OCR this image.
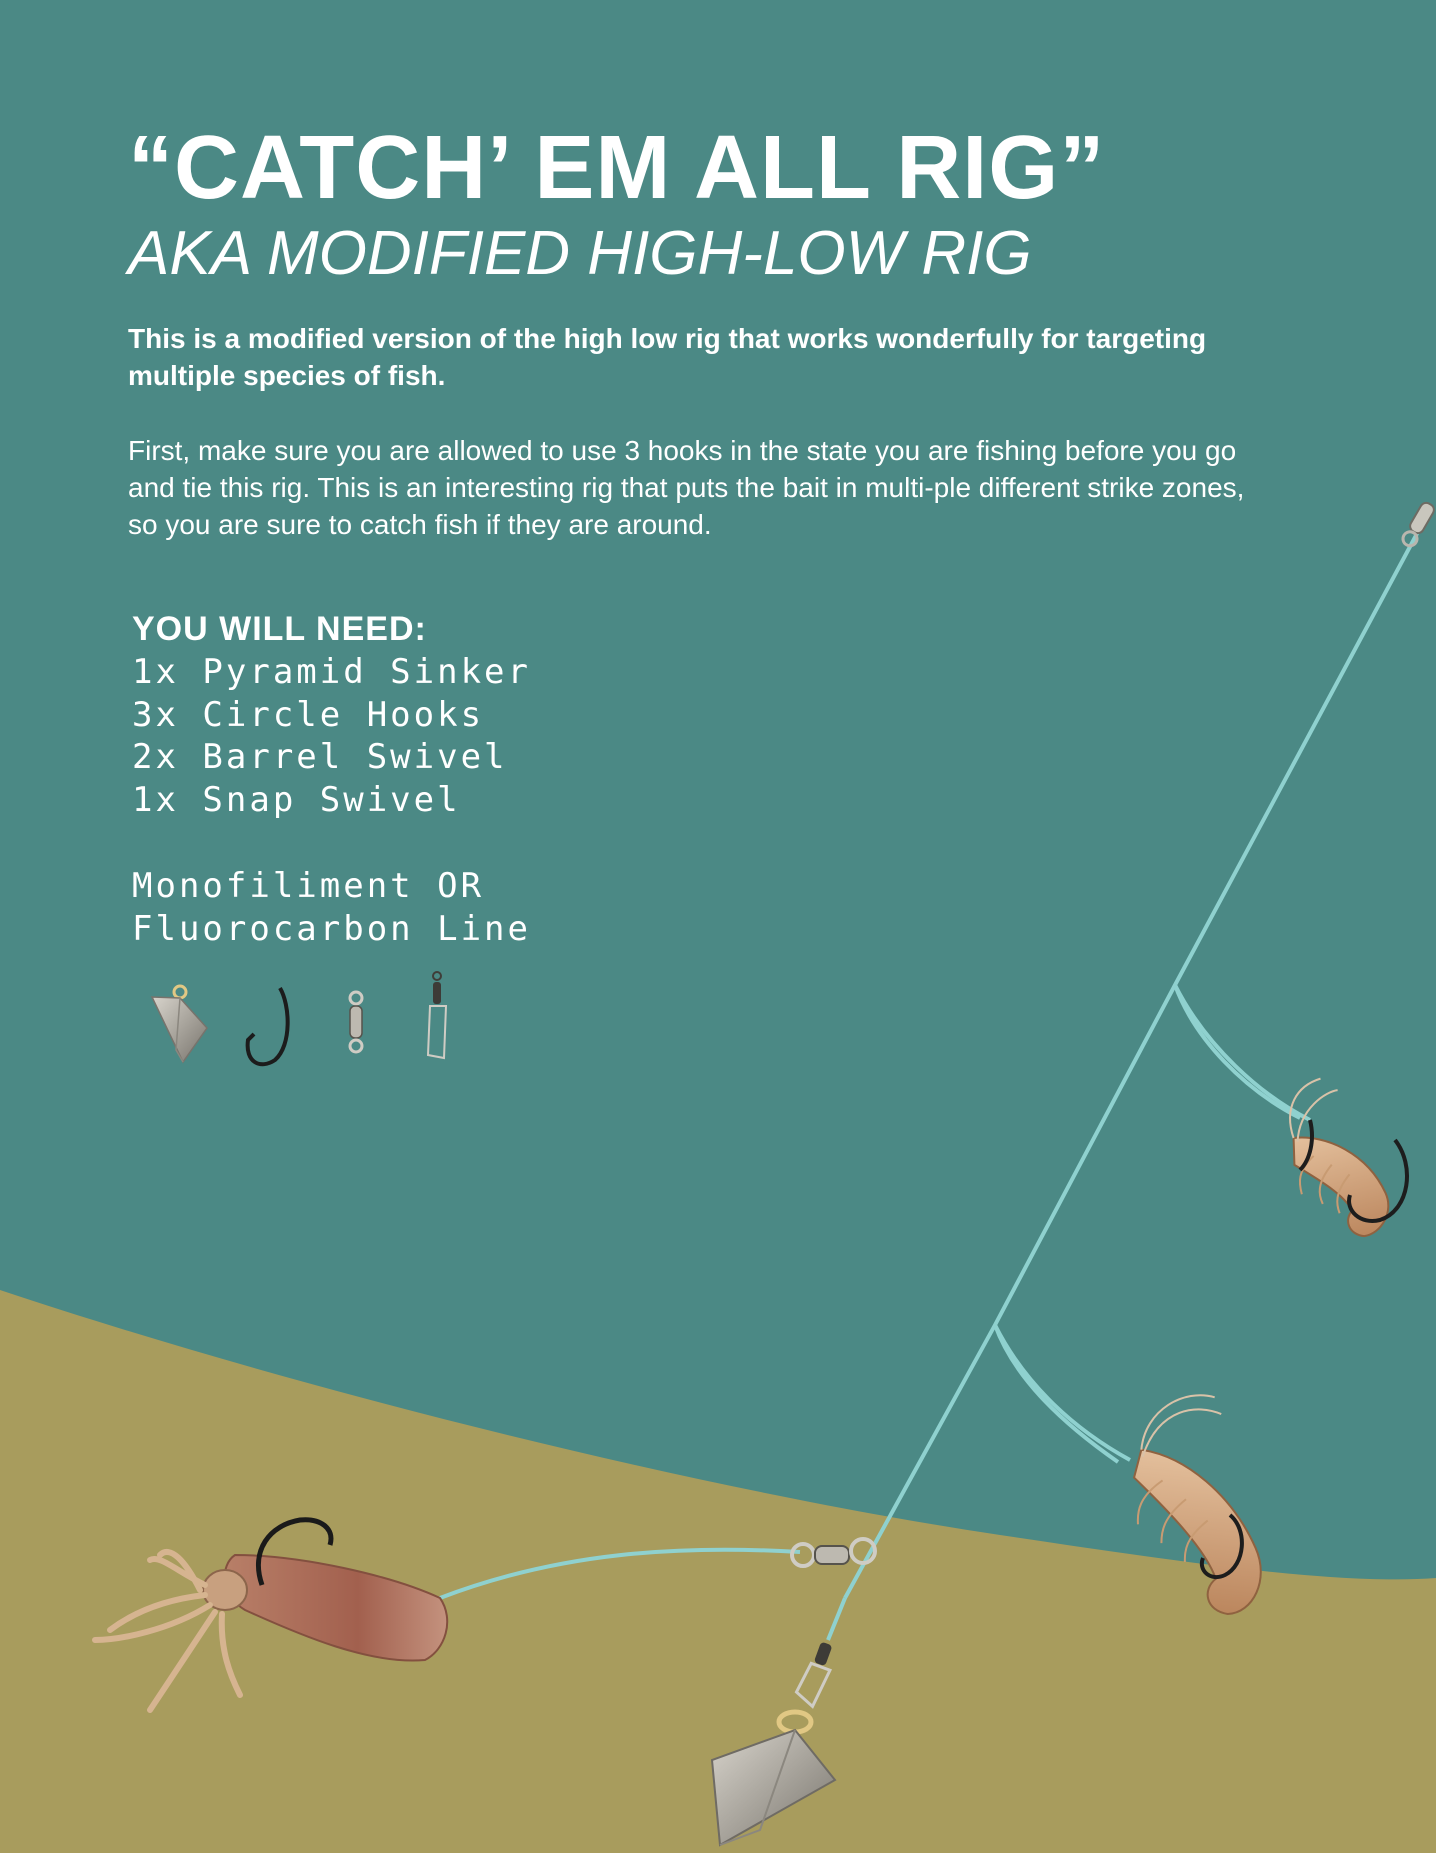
“CATCH’ EM ALL RIG”
AKA MODIFIED HIGH-LOW RIG

This is a modified version of the high low rig that works wonderfully for targeting multiple species of fish.

First, make sure you are allowed to use 3 hooks in the state you are fishing before you go and tie this rig. This is an interesting rig that puts the bait in multi-ple different strike zones, so you are sure to catch fish if they are around.

YOU WILL NEED:
1x Pyramid Sinker
3x Circle Hooks
2x Barrel Swivel
1x Snap Swivel
Monofiliment OR
Fluorocarbon Line
